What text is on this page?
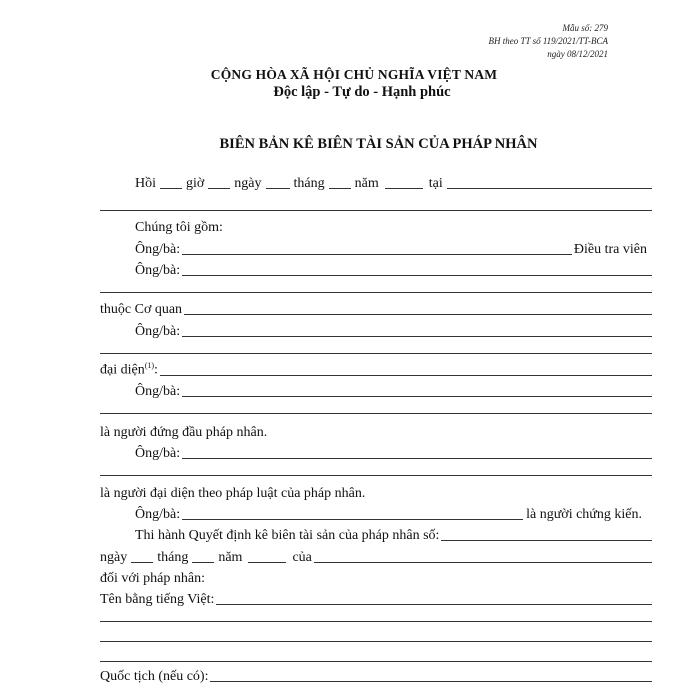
Mẫu số: 279
BH theo TT số 119/2021/TT-BCA
ngày 08/12/2021
CỘNG HÒA XÃ HỘI CHỦ NGHĨA VIỆT NAM
Độc lập - Tự do - Hạnh phúc
BIÊN BẢN KÊ BIÊN TÀI SẢN CỦA PHÁP NHÂN
Hồi giờ ngày tháng năm	tại
Chúng tôi gồm:
Ông/bà:	Điều tra viên
Ông/bà:
thuộc Cơ quan
Ông/bà:
đại diện$^{(1)}$:
Ông/bà:
là người đứng đầu pháp nhân.
Ông/bà:
là người đại diện theo pháp luật của pháp nhân.
Ông/bà:	là người chứng kiến.
Thi hành Quyết định kê biên tài sản của pháp nhân số:
ngày tháng năm	của
đối với pháp nhân:
Tên bằng tiếng Việt:
Quốc tịch (nếu có):
